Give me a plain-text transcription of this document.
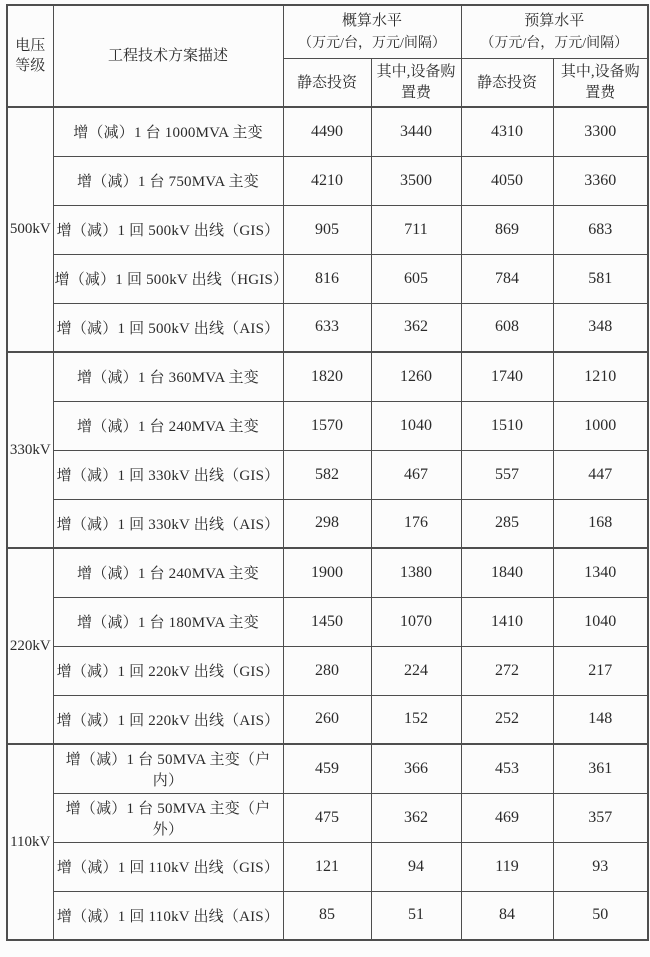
电压等级	工程技术方案描述	
概算水平
（万元/台，万元/间隔）

预算水平
（万元/台，万元/间隔）

		静态投资	其中,设备购置费	静态投资	其中,设备购置费
500kV	增（减）1 台 1000MVA 主变	4490	3440	4310	3300
	增（减）1 台 750MVA 主变	4210	3500	4050	3360
	增（减）1 回 500kV 出线（GIS）	905	711	869	683
	增（减）1 回 500kV 出线（HGIS）	816	605	784	581
	增（减）1 回 500kV 出线（AIS）	633	362	608	348
330kV	增（减）1 台 360MVA 主变	1820	1260	1740	1210
	增（减）1 台 240MVA 主变	1570	1040	1510	1000
	增（减）1 回 330kV 出线（GIS）	582	467	557	447
	增（减）1 回 330kV 出线（AIS）	298	176	285	168
220kV	增（减）1 台 240MVA 主变	1900	1380	1840	1340
	增（减）1 台 180MVA 主变	1450	1070	1410	1040
	增（减）1 回 220kV 出线（GIS）	280	224	272	217
	增（减）1 回 220kV 出线（AIS）	260	152	252	148
110kV	增（减）1 台 50MVA 主变（户内）	459	366	453	361
	增（减）1 台 50MVA 主变（户外）	475	362	469	357
	增（减）1 回 110kV 出线（GIS）	121	94	119	93
	增（减）1 回 110kV 出线（AIS）	85	51	84	50
